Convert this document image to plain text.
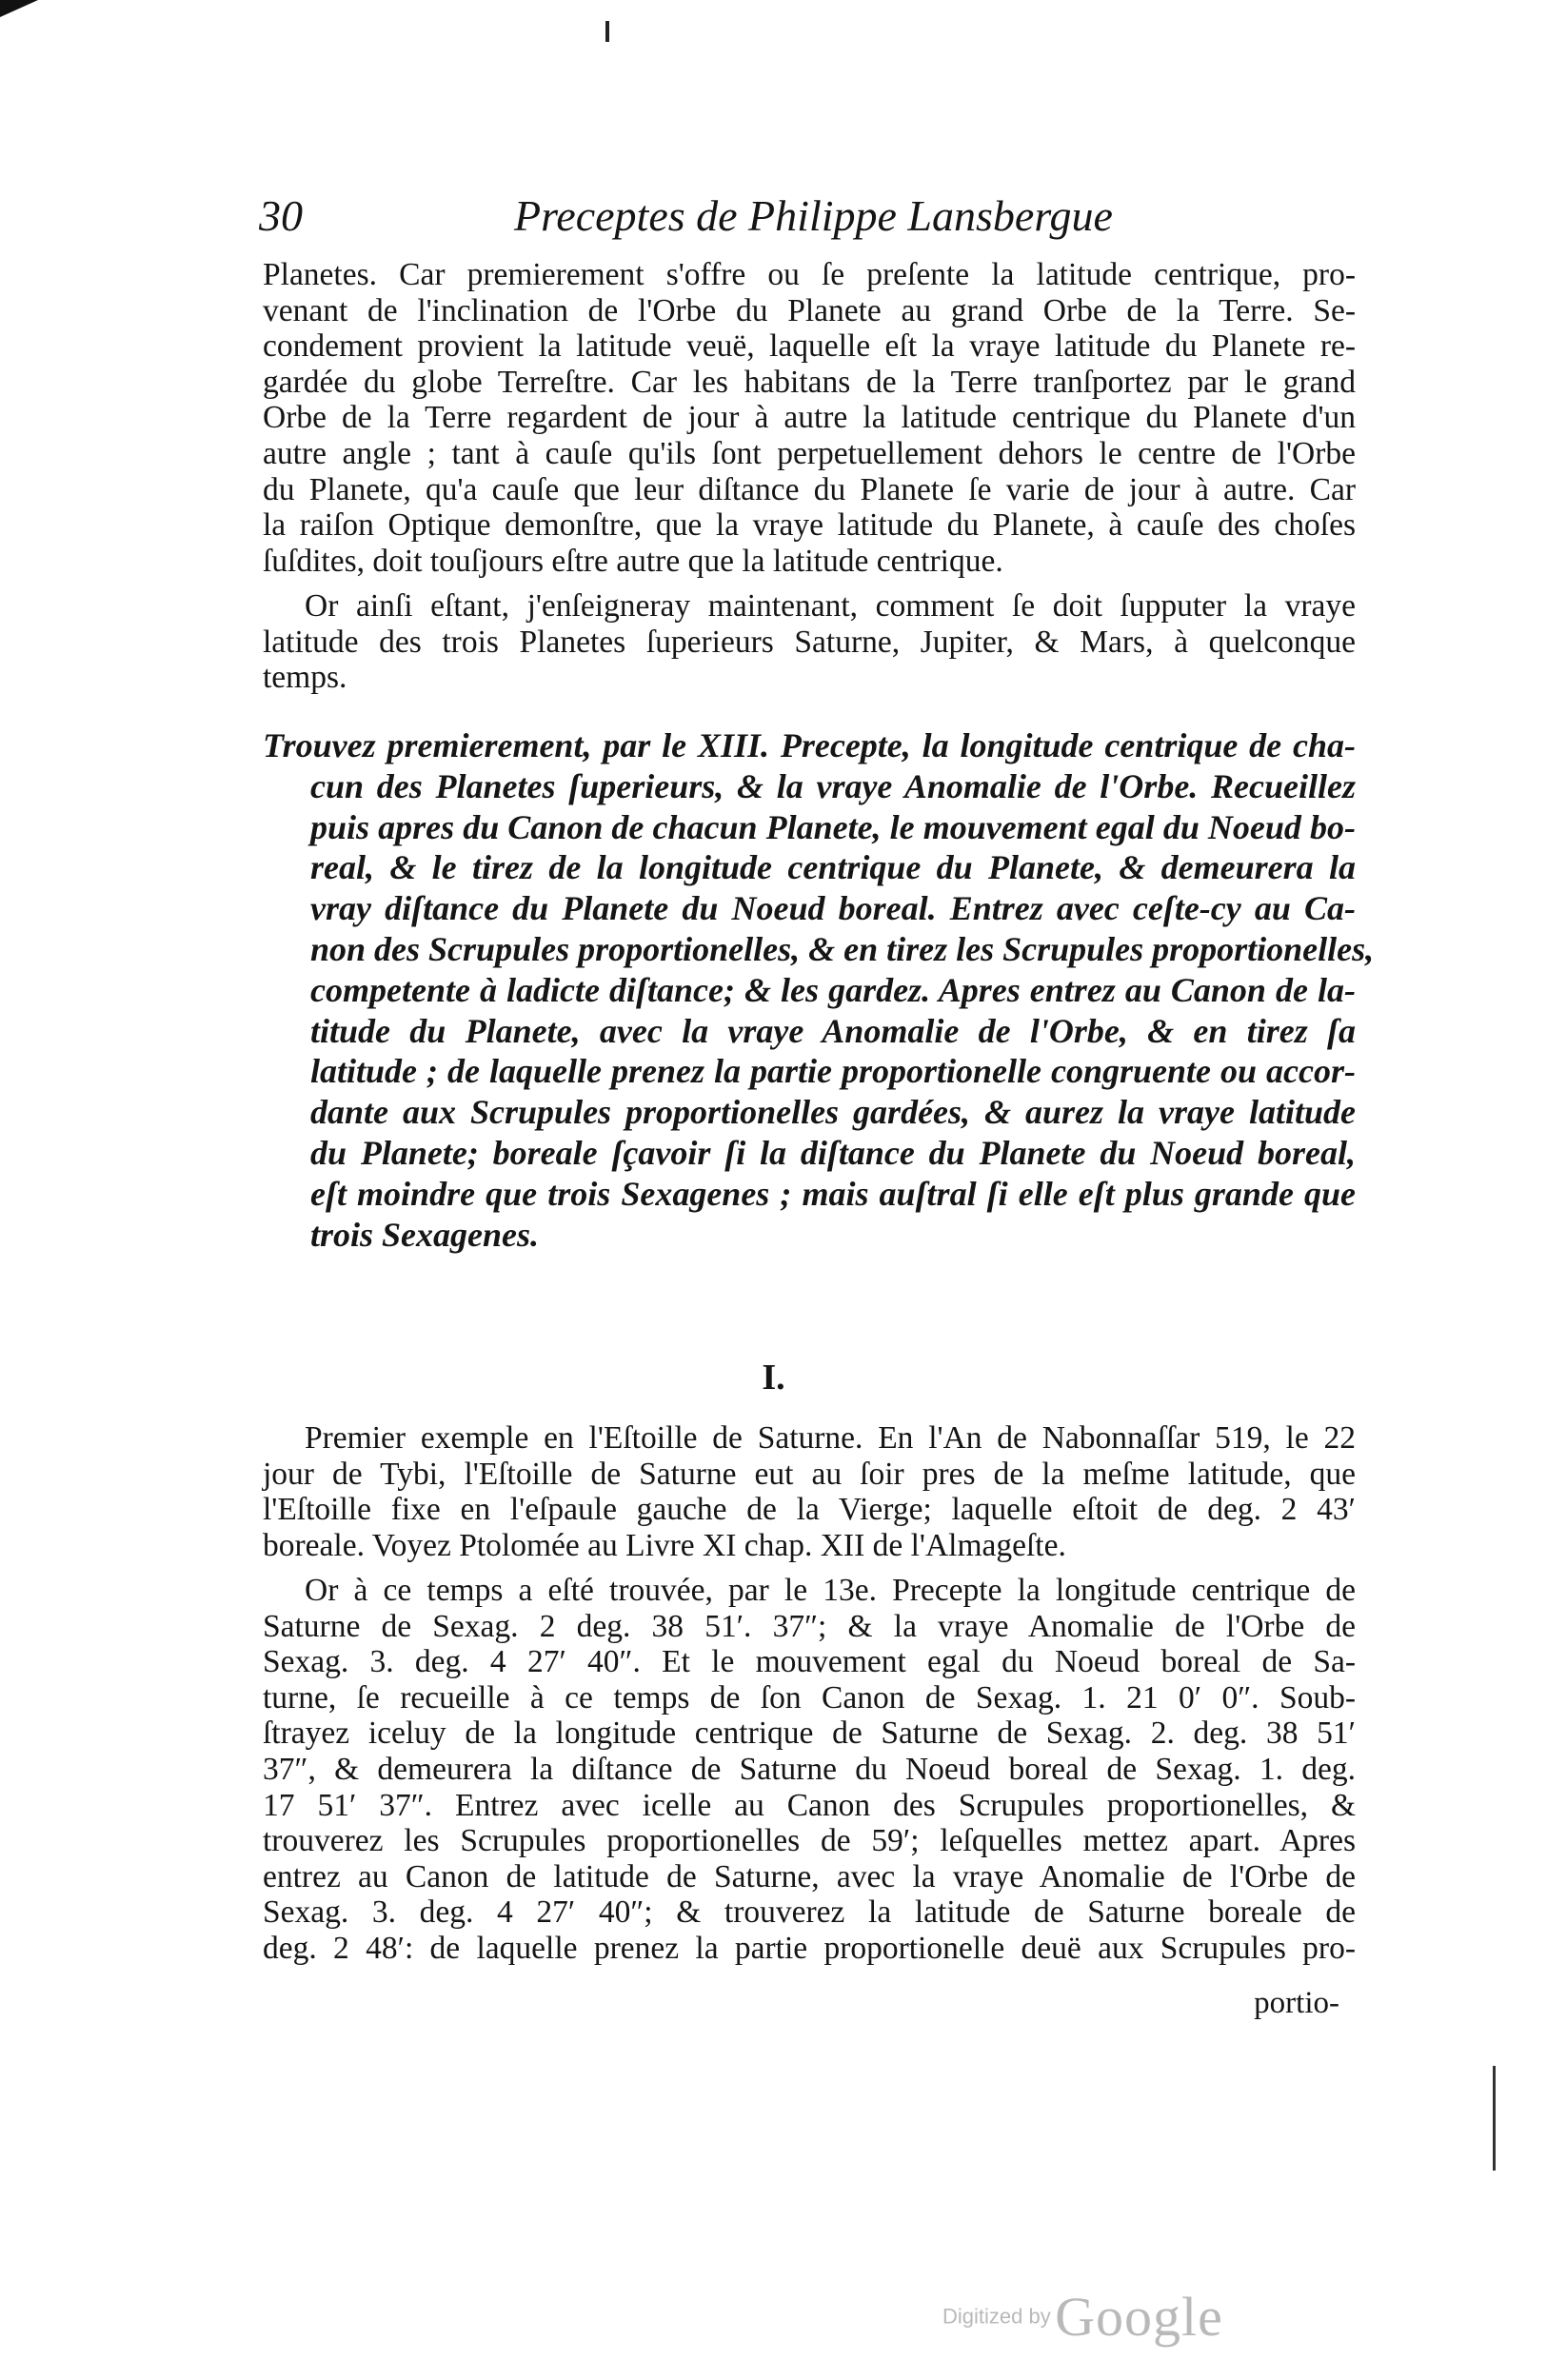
30	Preceptes de Philippe Lansbergue
Planetes. Car premierement s'offre ou ſe preſente la latitude centrique, pro-
venant de l'inclination de l'Orbe du Planete au grand Orbe de la Terre. Se-
condement provient la latitude veuë, laquelle eſt la vraye latitude du Planete re-
gardée du globe Terreſtre. Car les habitans de la Terre tranſportez par le grand
Orbe de la Terre regardent de jour à autre la latitude centrique du Planete d'un
autre angle ; tant à cauſe qu'ils ſont perpetuellement dehors le centre de l'Orbe
du Planete, qu'a cauſe que leur diſtance du Planete ſe varie de jour à autre. Car
la raiſon Optique demonſtre, que la vraye latitude du Planete, à cauſe des choſes
ſuſdites, doit touſjours eſtre autre que la latitude centrique.
Or ainſi eſtant, j'enſeigneray maintenant, comment ſe doit ſupputer la vraye
latitude des trois Planetes ſuperieurs Saturne, Jupiter, & Mars, à quelconque
temps.
Trouvez premierement, par le XIII. Precepte, la longitude centrique de cha-
cun des Planetes ſuperieurs, & la vraye Anomalie de l'Orbe. Recueillez
puis apres du Canon de chacun Planete, le mouvement egal du Noeud bo-
real, & le tirez de la longitude centrique du Planete, & demeurera la
vray diſtance du Planete du Noeud boreal. Entrez avec ceſte-cy au Ca-
non des Scrupules proportionelles, & en tirez les Scrupules proportionelles,
competente à ladicte diſtance; & les gardez. Apres entrez au Canon de la-
titude du Planete, avec la vraye Anomalie de l'Orbe, & en tirez ſa
latitude ; de laquelle prenez la partie proportionelle congruente ou accor-
dante aux Scrupules proportionelles gardées, & aurez la vraye latitude
du Planete; boreale ſçavoir ſi la diſtance du Planete du Noeud boreal,
eſt moindre que trois Sexagenes ; mais auſtral ſi elle eſt plus grande que
trois Sexagenes.
I.
Premier exemple en l'Eſtoille de Saturne. En l'An de Nabonnaſſar 519, le 22
jour de Tybi, l'Eſtoille de Saturne eut au ſoir pres de la meſme latitude, que
l'Eſtoille fixe en l'eſpaule gauche de la Vierge; laquelle eſtoit de deg. 2 43′
boreale. Voyez Ptolomée au Livre XI chap. XII de l'Almageſte.
Or à ce temps a eſté trouvée, par le 13e. Precepte la longitude centrique de
Saturne de Sexag. 2 deg. 38 51′. 37″; & la vraye Anomalie de l'Orbe de
Sexag. 3. deg. 4 27′ 40″. Et le mouvement egal du Noeud boreal de Sa-
turne, ſe recueille à ce temps de ſon Canon de Sexag. 1. 21 0′ 0″. Soub-
ſtrayez iceluy de la longitude centrique de Saturne de Sexag. 2. deg. 38 51′
37″, & demeurera la diſtance de Saturne du Noeud boreal de Sexag. 1. deg.
17 51′ 37″. Entrez avec icelle au Canon des Scrupules proportionelles, &
trouverez les Scrupules proportionelles de 59′; leſquelles mettez apart. Apres
entrez au Canon de latitude de Saturne, avec la vraye Anomalie de l'Orbe de
Sexag. 3. deg. 4 27′ 40″; & trouverez la latitude de Saturne boreale de
deg. 2 48′: de laquelle prenez la partie proportionelle deuë aux Scrupules pro-
portio-
Digitized by Google
